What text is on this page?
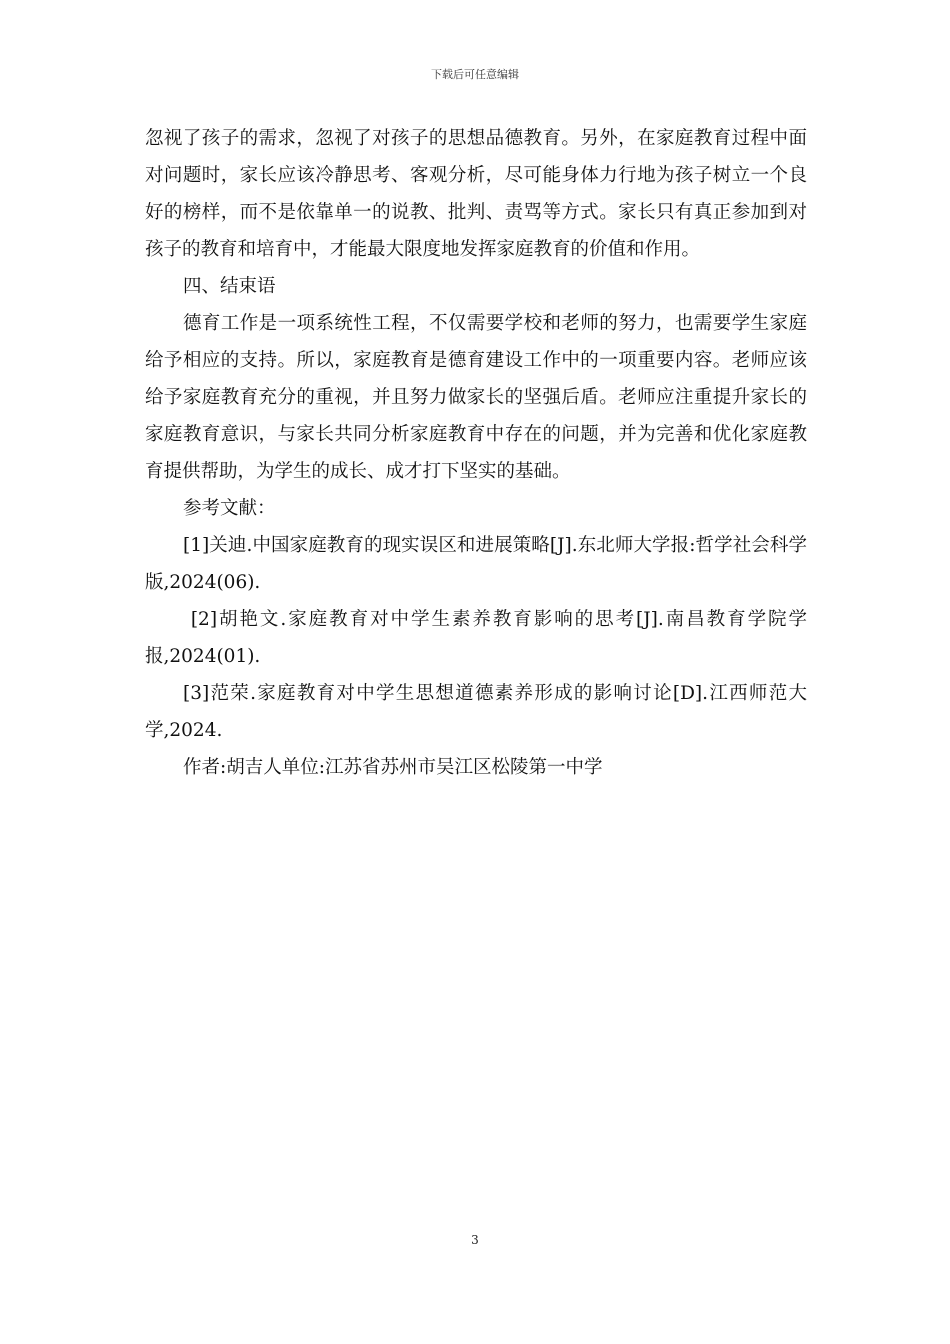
下载后可任意编辑

忽视了孩子的需求，忽视了对孩子的思想品德教育。另外，在家庭教育过程中面对问题时，家长应该冷静思考、客观分析，尽可能身体力行地为孩子树立一个良好的榜样，而不是依靠单一的说教、批判、责骂等方式。家长只有真正参加到对孩子的教育和培育中，才能最大限度地发挥家庭教育的价值和作用。

四、结束语

德育工作是一项系统性工程，不仅需要学校和老师的努力，也需要学生家庭给予相应的支持。所以，家庭教育是德育建设工作中的一项重要内容。老师应该给予家庭教育充分的重视，并且努力做家长的坚强后盾。老师应注重提升家长的家庭教育意识，与家长共同分析家庭教育中存在的问题，并为完善和优化家庭教育提供帮助，为学生的成长、成才打下坚实的基础。

参考文献：

[1]关迪.中国家庭教育的现实误区和进展策略[J].东北师大学报:哲学社会科学版,2024(06).

[2]胡艳文.家庭教育对中学生素养教育影响的思考[J].南昌教育学院学报,2024(01).

[3]范荣.家庭教育对中学生思想道德素养形成的影响讨论[D].江西师范大学,2024.

作者:胡吉人单位:江苏省苏州市吴江区松陵第一中学

3
